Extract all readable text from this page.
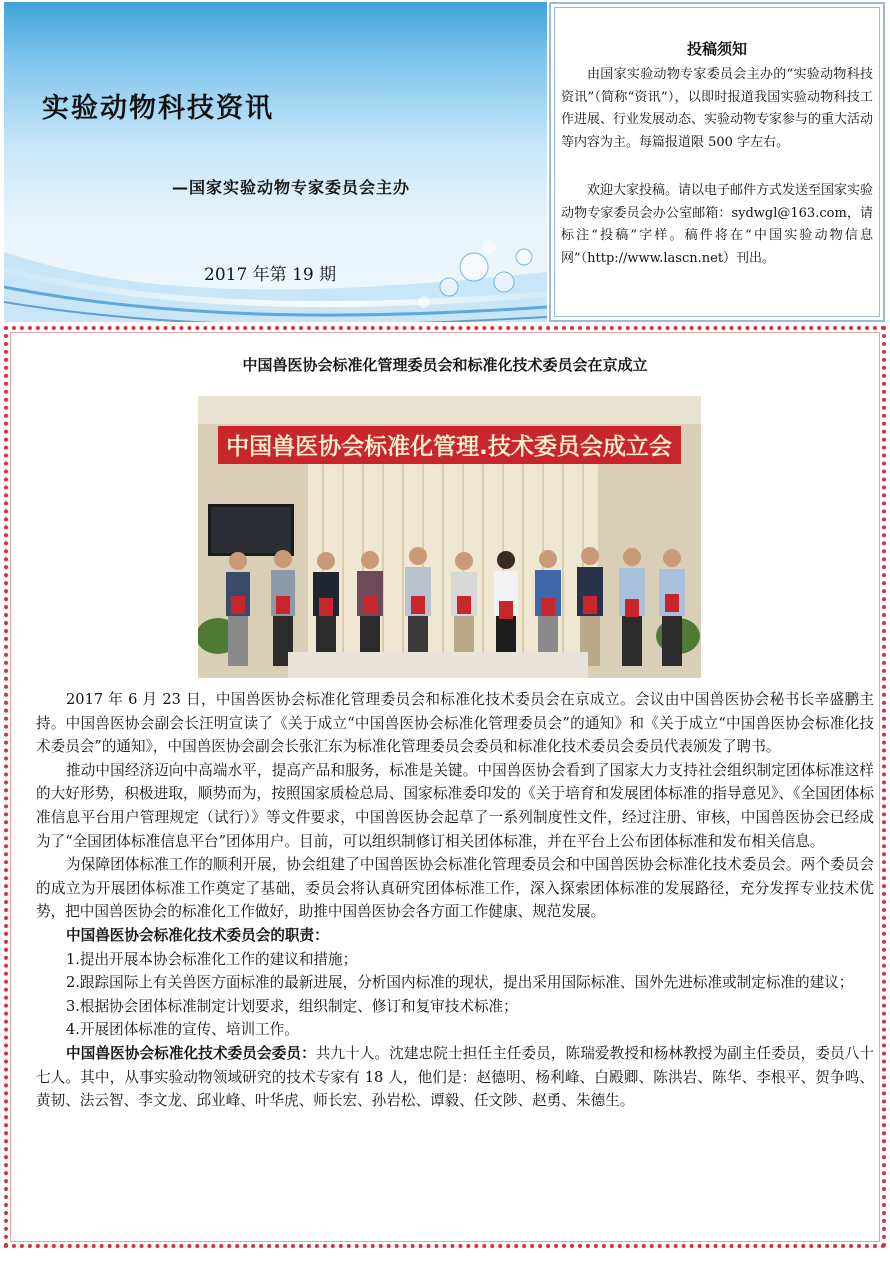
实验动物科技资讯

—国家实验动物专家委员会主办

2017 年第 19 期

投稿须知

由国家实验动物专家委员会主办的“实验动物科技资讯”（简称“资讯”），以即时报道我国实验动物科技工作进展、行业发展动态、实验动物专家参与的重大活动等内容为主。每篇报道限 500 字左右。

欢迎大家投稿。请以电子邮件方式发送至国家实验动物专家委员会办公室邮箱：sydwgl@163.com，请标注“投稿”字样。稿件将在“中国实验动物信息网”（http://www.lascn.net）刊出。

中国兽医协会标准化管理委员会和标准化技术委员会在京成立
中国兽医协会标准化管理.技术委员会成立会

2017 年 6 月 23 日，中国兽医协会标准化管理委员会和标准化技术委员会在京成立。会议由中国兽医协会秘书长辛盛鹏主持。中国兽医协会副会长汪明宣读了《关于成立“中国兽医协会标准化管理委员会”的通知》和《关于成立“中国兽医协会标准化技术委员会”的通知》，中国兽医协会副会长张汇东为标准化管理委员会委员和标准化技术委员会委员代表颁发了聘书。

推动中国经济迈向中高端水平，提高产品和服务，标准是关键。中国兽医协会看到了国家大力支持社会组织制定团体标准这样的大好形势，积极进取，顺势而为，按照国家质检总局、国家标准委印发的《关于培育和发展团体标准的指导意见》、《全国团体标准信息平台用户管理规定（试行）》等文件要求，中国兽医协会起草了一系列制度性文件，经过注册、审核，中国兽医协会已经成为了“全国团体标准信息平台”团体用户。目前，可以组织制修订相关团体标准，并在平台上公布团体标准和发布相关信息。

为保障团体标准工作的顺利开展，协会组建了中国兽医协会标准化管理委员会和中国兽医协会标准化技术委员会。两个委员会的成立为开展团体标准工作奠定了基础，委员会将认真研究团体标准工作，深入探索团体标准的发展路径，充分发挥专业技术优势，把中国兽医协会的标准化工作做好，助推中国兽医协会各方面工作健康、规范发展。

中国兽医协会标准化技术委员会的职责：

1.提出开展本协会标准化工作的建议和措施；

2.跟踪国际上有关兽医方面标准的最新进展，分析国内标准的现状，提出采用国际标准、国外先进标准或制定标准的建议；

3.根据协会团体标准制定计划要求，组织制定、修订和复审技术标准；

4.开展团体标准的宣传、培训工作。

中国兽医协会标准化技术委员会委员：共九十人。沈建忠院士担任主任委员，陈瑞爱教授和杨林教授为副主任委员，委员八十七人。其中，从事实验动物领域研究的技术专家有 18 人，他们是：赵德明、杨利峰、白殿卿、陈洪岩、陈华、李根平、贺争鸣、黄韧、法云智、李文龙、邱业峰、叶华虎、师长宏、孙岩松、谭毅、任文陟、赵勇、朱德生。
